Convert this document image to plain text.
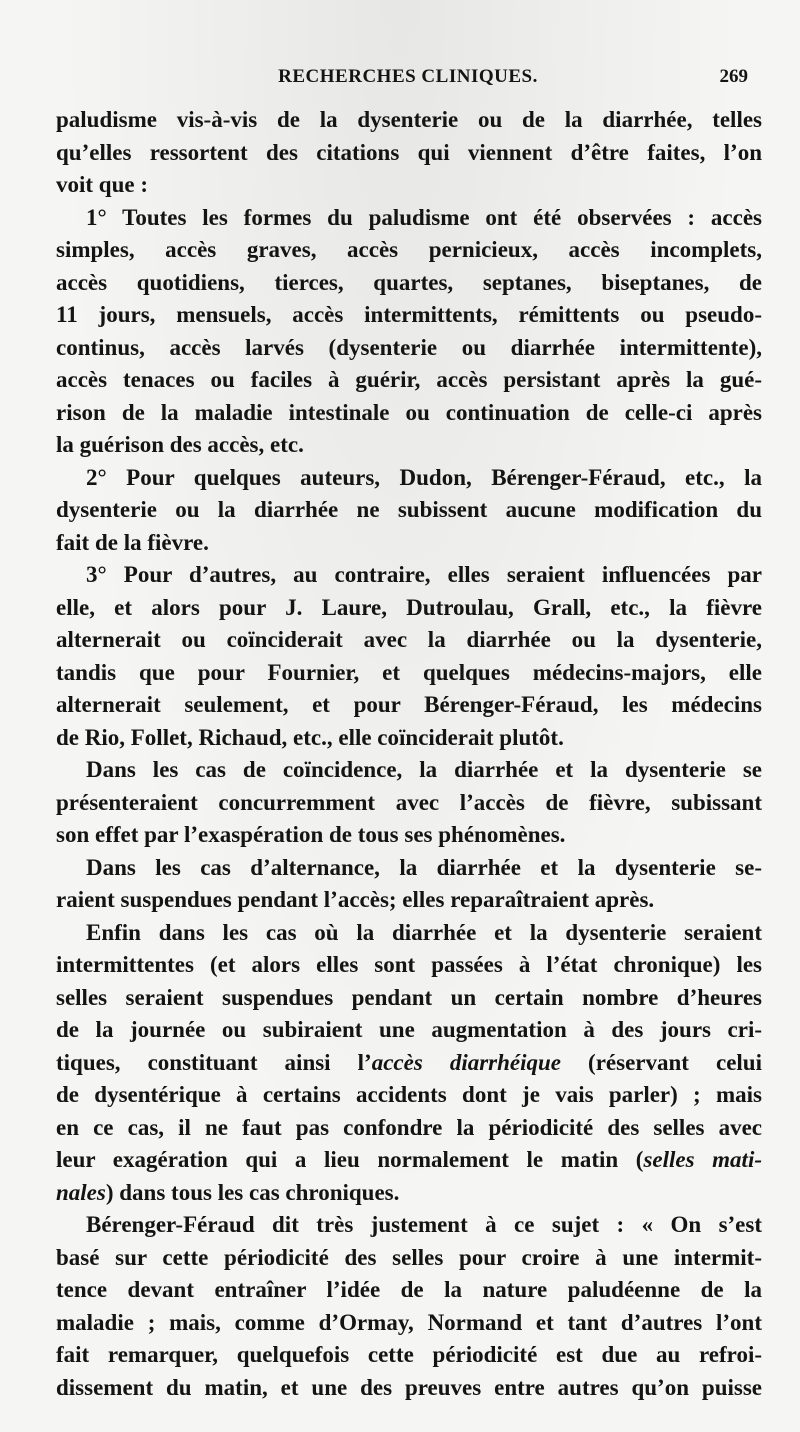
RECHERCHES CLINIQUES.	269
paludisme vis-à-vis de la dysenterie ou de la diarrhée, telles
qu’elles ressortent des citations qui viennent d’être faites, l’on
voit que :
1° Toutes les formes du paludisme ont été observées : accès
simples, accès graves, accès pernicieux, accès incomplets,
accès quotidiens, tierces, quartes, septanes, biseptanes, de
11 jours, mensuels, accès intermittents, rémittents ou pseudo-
continus, accès larvés (dysenterie ou diarrhée intermittente),
accès tenaces ou faciles à guérir, accès persistant après la gué-
rison de la maladie intestinale ou continuation de celle-ci après
la guérison des accès, etc.
2° Pour quelques auteurs, Dudon, Bérenger-Féraud, etc., la
dysenterie ou la diarrhée ne subissent aucune modification du
fait de la fièvre.
3° Pour d’autres, au contraire, elles seraient influencées par
elle, et alors pour J. Laure, Dutroulau, Grall, etc., la fièvre
alternerait ou coïnciderait avec la diarrhée ou la dysenterie,
tandis que pour Fournier, et quelques médecins-majors, elle
alternerait seulement, et pour Bérenger-Féraud, les médecins
de Rio, Follet, Richaud, etc., elle coïnciderait plutôt.
Dans les cas de coïncidence, la diarrhée et la dysenterie se
présenteraient concurremment avec l’accès de fièvre, subissant
son effet par l’exaspération de tous ses phénomènes.
Dans les cas d’alternance, la diarrhée et la dysenterie se-
raient suspendues pendant l’accès; elles reparaîtraient après.
Enfin dans les cas où la diarrhée et la dysenterie seraient
intermittentes (et alors elles sont passées à l’état chronique) les
selles seraient suspendues pendant un certain nombre d’heures
de la journée ou subiraient une augmentation à des jours cri-
tiques, constituant ainsi l’accès diarrhéique (réservant celui
de dysentérique à certains accidents dont je vais parler) ; mais
en ce cas, il ne faut pas confondre la périodicité des selles avec
leur exagération qui a lieu normalement le matin (selles mati-
nales) dans tous les cas chroniques.
Bérenger-Féraud dit très justement à ce sujet : « On s’est
basé sur cette périodicité des selles pour croire à une intermit-
tence devant entraîner l’idée de la nature paludéenne de la
maladie ; mais, comme d’Ormay, Normand et tant d’autres l’ont
fait remarquer, quelquefois cette périodicité est due au refroi-
dissement du matin, et une des preuves entre autres qu’on puisse
